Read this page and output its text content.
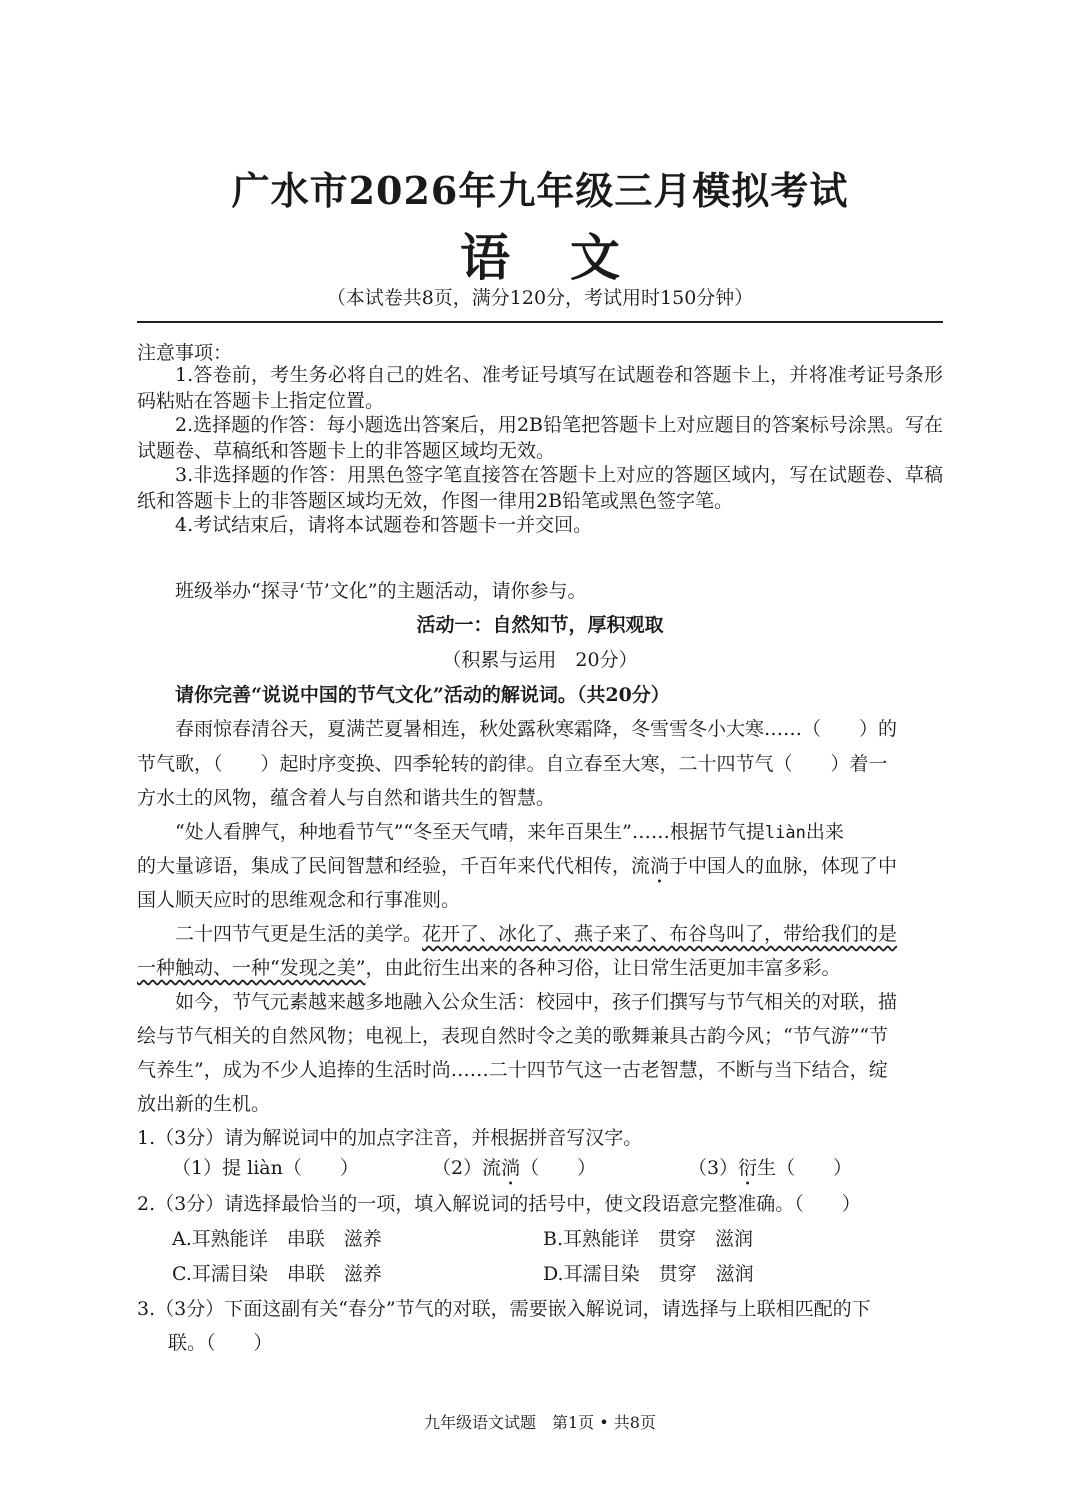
广水市2026年九年级三月模拟考试
语文
（本试卷共8页，满分120分，考试用时150分钟）
注意事项：
1.答卷前，考生务必将自己的姓名、准考证号填写在试题卷和答题卡上，并将准考证号条形码粘贴在答题卡上指定位置。
2.选择题的作答：每小题选出答案后，用2B铅笔把答题卡上对应题目的答案标号涂黑。写在试题卷、草稿纸和答题卡上的非答题区域均无效。
3.非选择题的作答：用黑色签字笔直接答在答题卡上对应的答题区域内，写在试题卷、草稿纸和答题卡上的非答题区域均无效，作图一律用2B铅笔或黑色签字笔。
4.考试结束后，请将本试题卷和答题卡一并交回。
班级举办“探寻‘节’文化”的主题活动，请你参与。
活动一：自然知节，厚积观取
（积累与运用　20分）
请你完善“说说中国的节气文化”活动的解说词。（共20分）
春雨惊春清谷天，夏满芒夏暑相连，秋处露秋寒霜降，冬雪雪冬小大寒……（　　）的
节气歌，（　　）起时序变换、四季轮转的韵律。自立春至大寒，二十四节气（　　）着一
方水土的风物，蕴含着人与自然和谐共生的智慧。
“处人看脾气，种地看节气”“冬至天气晴，来年百果生”……根据节气提liàn出来
的大量谚语，集成了民间智慧和经验，千百年来代代相传，流淌于中国人的血脉，体现了中
国人顺天应时的思维观念和行事准则。
二十四节气更是生活的美学。花开了、冰化了、燕子来了、布谷鸟叫了，带给我们的是
一种触动、一种“发现之美”，由此衍生出来的各种习俗，让日常生活更加丰富多彩。
如今，节气元素越来越多地融入公众生活：校园中，孩子们撰写与节气相关的对联，描
绘与节气相关的自然风物；电视上，表现自然时令之美的歌舞兼具古韵今风；“节气游”“节
气养生”，成为不少人追捧的生活时尚……二十四节气这一古老智慧，不断与当下结合，绽
放出新的生机。
1.（3分）请为解说词中的加点字注音，并根据拼音写汉字。
（1）提 liàn（　　）	（2）流淌（　　）	（3）衍生（　　）
2.（3分）请选择最恰当的一项，填入解说词的括号中，使文段语意完整准确。（　　）
A.耳熟能详　串联　滋养	B.耳熟能详　贯穿　滋润
C.耳濡目染　串联　滋养	D.耳濡目染　贯穿　滋润
3.（3分）下面这副有关“春分”节气的对联，需要嵌入解说词，请选择与上联相匹配的下
联。（　　）
九年级语文试题　第1页 • 共8页
